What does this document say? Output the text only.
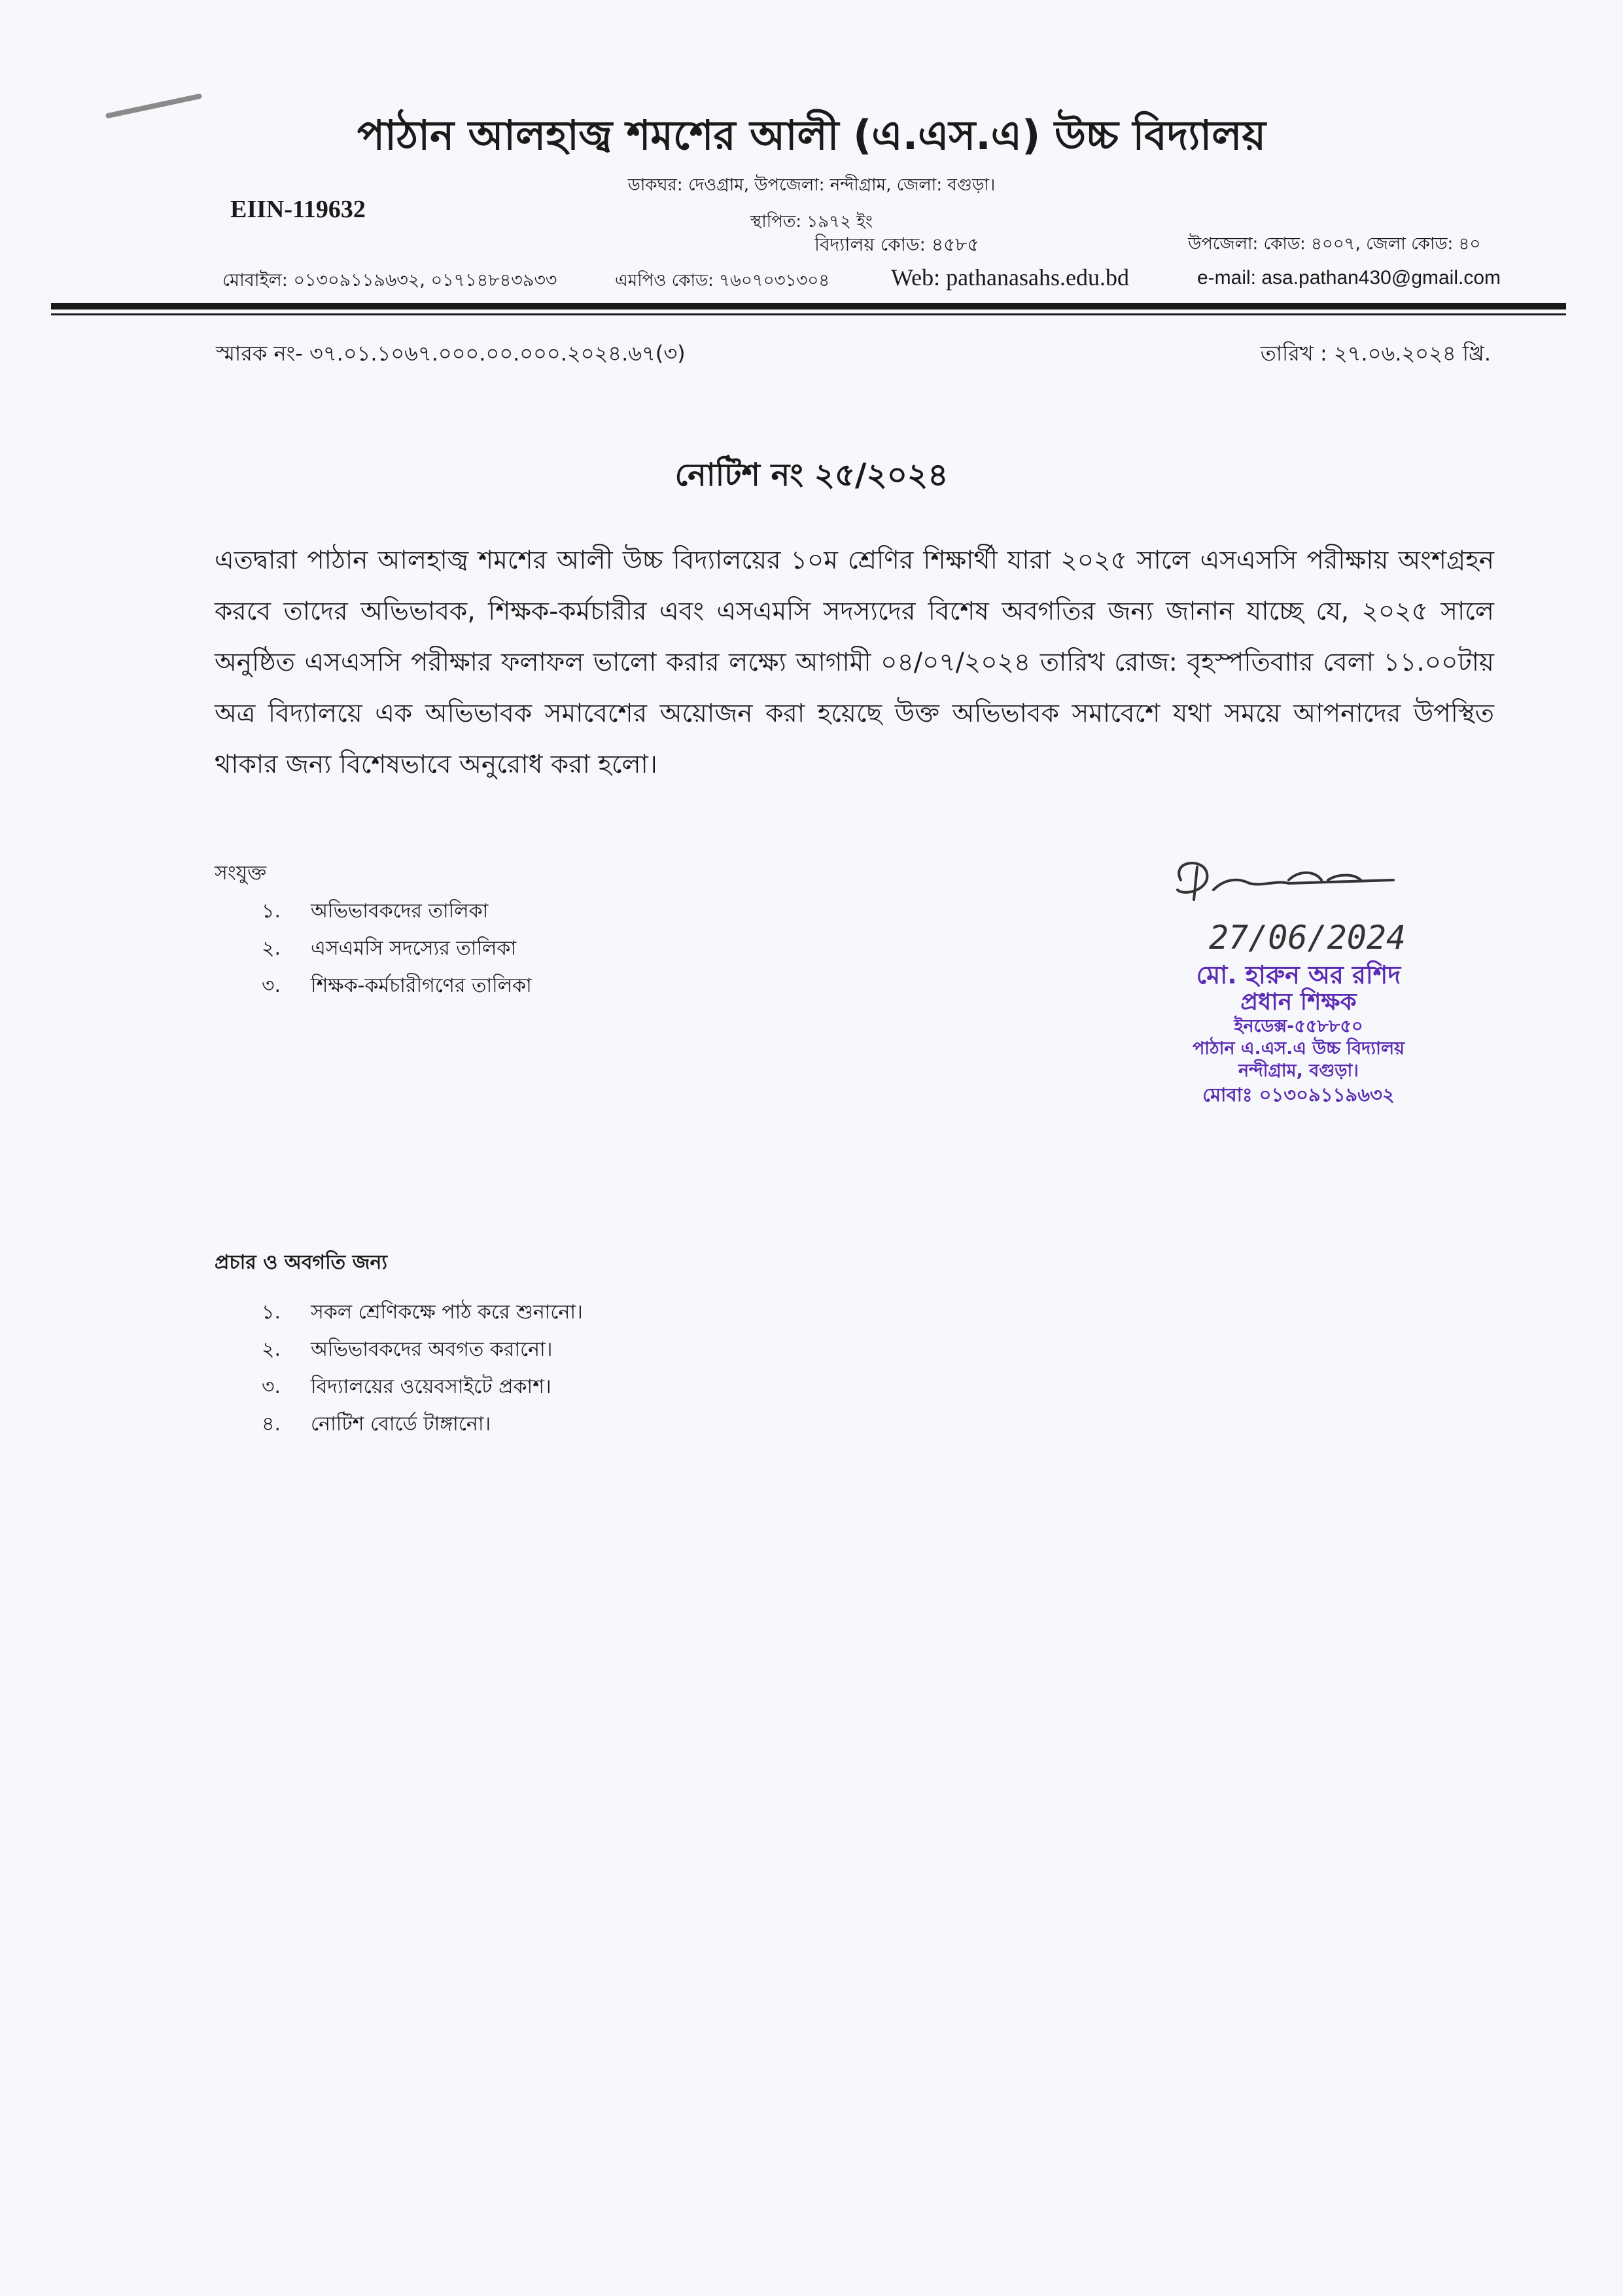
পাঠান আলহাজ্ব শমশের আলী (এ.এস.এ) উচ্চ বিদ্যালয়
ডাকঘর: দেওগ্রাম, উপজেলা: নন্দীগ্রাম, জেলা: বগুড়া।
EIIN-119632	স্থাপিত: ১৯৭২ ইং
বিদ্যালয় কোড: ৪৫৮৫	উপজেলা: কোড: ৪০০৭, জেলা কোড: ৪০
মোবাইল: ০১৩০৯১১৯৬৩২, ০১৭১৪৮৪৩৯৩৩	এমপিও কোড: ৭৬০৭০৩১৩০৪	Web: pathanasahs.edu.bd	e-mail: asa.pathan430@gmail.com
স্মারক নং- ৩৭.০১.১০৬৭.০০০.০০.০০০.২০২৪.৬৭(৩)	তারিখ : ২৭.০৬.২০২৪ খ্রি.
নোটিশ নং ২৫/২০২৪
এতদ্বারা পাঠান আলহাজ্ব শমশের আলী উচ্চ বিদ্যালয়ের ১০ম শ্রেণির শিক্ষার্থী যারা ২০২৫ সালে এসএসসি পরীক্ষায় অংশগ্রহন করবে তাদের অভিভাবক, শিক্ষক-কর্মচারীর এবং এসএমসি সদস্যদের বিশেষ অবগতির জন্য জানান যাচ্ছে যে, ২০২৫ সালে অনুষ্ঠিত এসএসসি পরীক্ষার ফলাফল ভালো করার লক্ষ্যে আগামী ০৪/০৭/২০২৪ তারিখ রোজ: বৃহস্পতিবাার বেলা ১১.০০টায় অত্র বিদ্যালয়ে এক অভিভাবক সমাবেশের অয়োজন করা হয়েছে উক্ত অভিভাবক সমাবেশে যথা সময়ে আপনাদের উপস্থিত থাকার জন্য বিশেষভাবে অনুরোধ করা হলো।
সংযুক্ত
১.	অভিভাবকদের তালিকা
২.	এসএমসি সদস্যের তালিকা
৩.	শিক্ষক-কর্মচারীগণের তালিকা
27/06/2024
মো. হারুন অর রশিদ
প্রধান শিক্ষক
ইনডেক্স-৫৫৮৮৫০
পাঠান এ.এস.এ উচ্চ বিদ্যালয়
নন্দীগ্রাম, বগুড়া।
মোবাঃ ০১৩০৯১১৯৬৩২
প্রচার ও অবগতি জন্য
১.	সকল শ্রেণিকক্ষে পাঠ করে শুনানো।
২.	অভিভাবকদের অবগত করানো।
৩.	বিদ্যালয়ের ওয়েবসাইটে প্রকাশ।
৪.	নোটিশ বোর্ডে টাঙ্গানো।
